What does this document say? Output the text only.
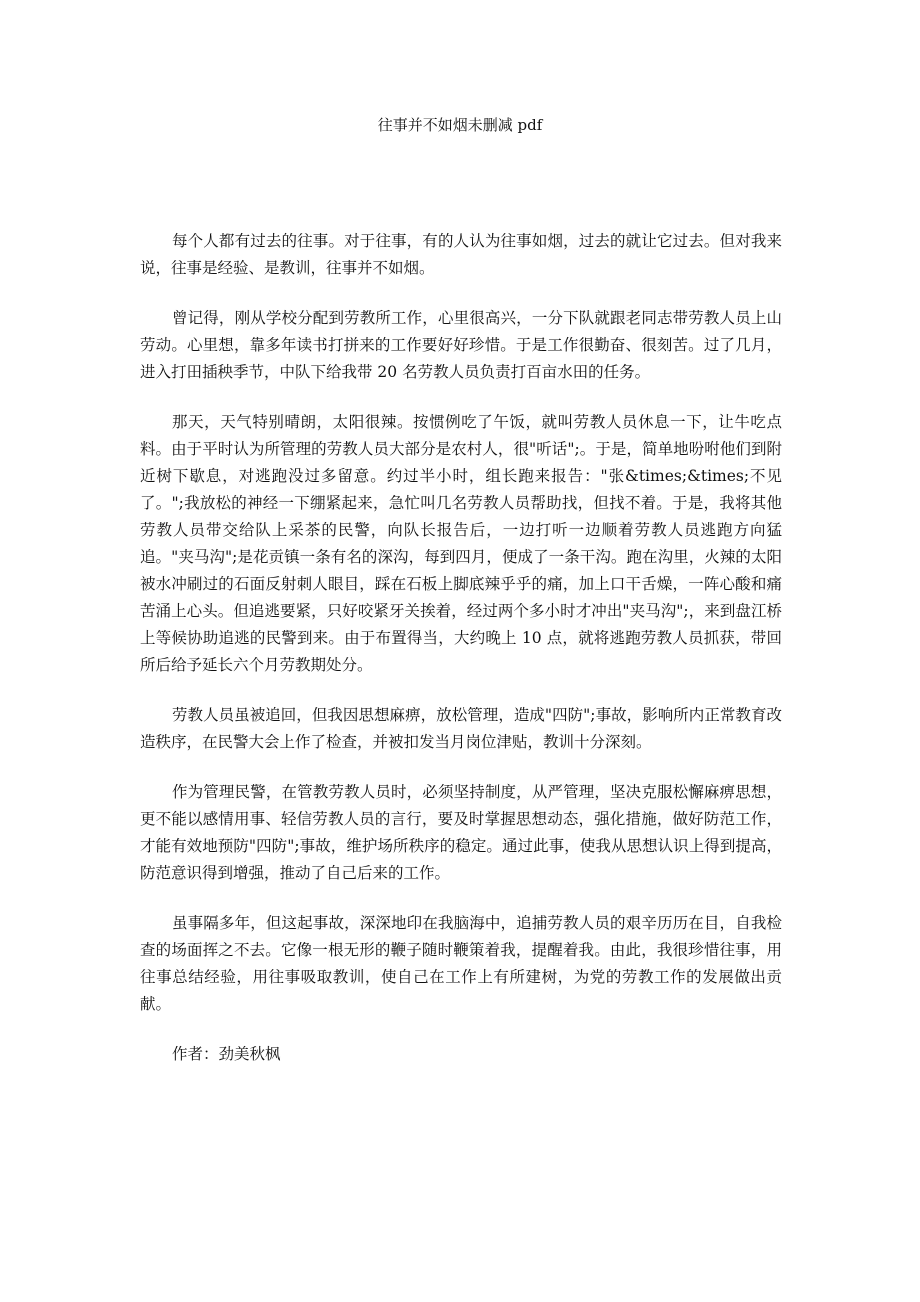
往事并不如烟未删减 pdf

每个人都有过去的往事。对于往事，有的人认为往事如烟，过去的就让它过去。但对我来说，往事是经验、是教训，往事并不如烟。

曾记得，刚从学校分配到劳教所工作，心里很高兴，一分下队就跟老同志带劳教人员上山劳动。心里想，靠多年读书打拼来的工作要好好珍惜。于是工作很勤奋、很刻苦。过了几月，进入打田插秧季节，中队下给我带 20 名劳教人员负责打百亩水田的任务。

那天，天气特别晴朗，太阳很辣。按惯例吃了午饭，就叫劳教人员休息一下，让牛吃点料。由于平时认为所管理的劳教人员大部分是农村人，很"听话";。于是，简单地吩咐他们到附近树下歇息，对逃跑没过多留意。约过半小时，组长跑来报告："张&times;&times;不见了。";我放松的神经一下绷紧起来，急忙叫几名劳教人员帮助找，但找不着。于是，我将其他劳教人员带交给队上采茶的民警，向队长报告后，一边打听一边顺着劳教人员逃跑方向猛追。"夹马沟";是花贡镇一条有名的深沟，每到四月，便成了一条干沟。跑在沟里，火辣的太阳被水冲刷过的石面反射刺人眼目，踩在石板上脚底辣乎乎的痛，加上口干舌燥，一阵心酸和痛苦涌上心头。但追逃要紧，只好咬紧牙关挨着，经过两个多小时才冲出"夹马沟";，来到盘江桥上等候协助追逃的民警到来。由于布置得当，大约晚上 10 点，就将逃跑劳教人员抓获，带回所后给予延长六个月劳教期处分。

劳教人员虽被追回，但我因思想麻痹，放松管理，造成"四防";事故，影响所内正常教育改造秩序，在民警大会上作了检查，并被扣发当月岗位津贴，教训十分深刻。

作为管理民警，在管教劳教人员时，必须坚持制度，从严管理，坚决克服松懈麻痹思想，更不能以感情用事、轻信劳教人员的言行，要及时掌握思想动态，强化措施，做好防范工作，才能有效地预防"四防";事故，维护场所秩序的稳定。通过此事，使我从思想认识上得到提高，防范意识得到增强，推动了自己后来的工作。

虽事隔多年，但这起事故，深深地印在我脑海中，追捕劳教人员的艰辛历历在目，自我检查的场面挥之不去。它像一根无形的鞭子随时鞭策着我，提醒着我。由此，我很珍惜往事，用往事总结经验，用往事吸取教训，使自己在工作上有所建树，为党的劳教工作的发展做出贡献。

作者：劲美秋枫
